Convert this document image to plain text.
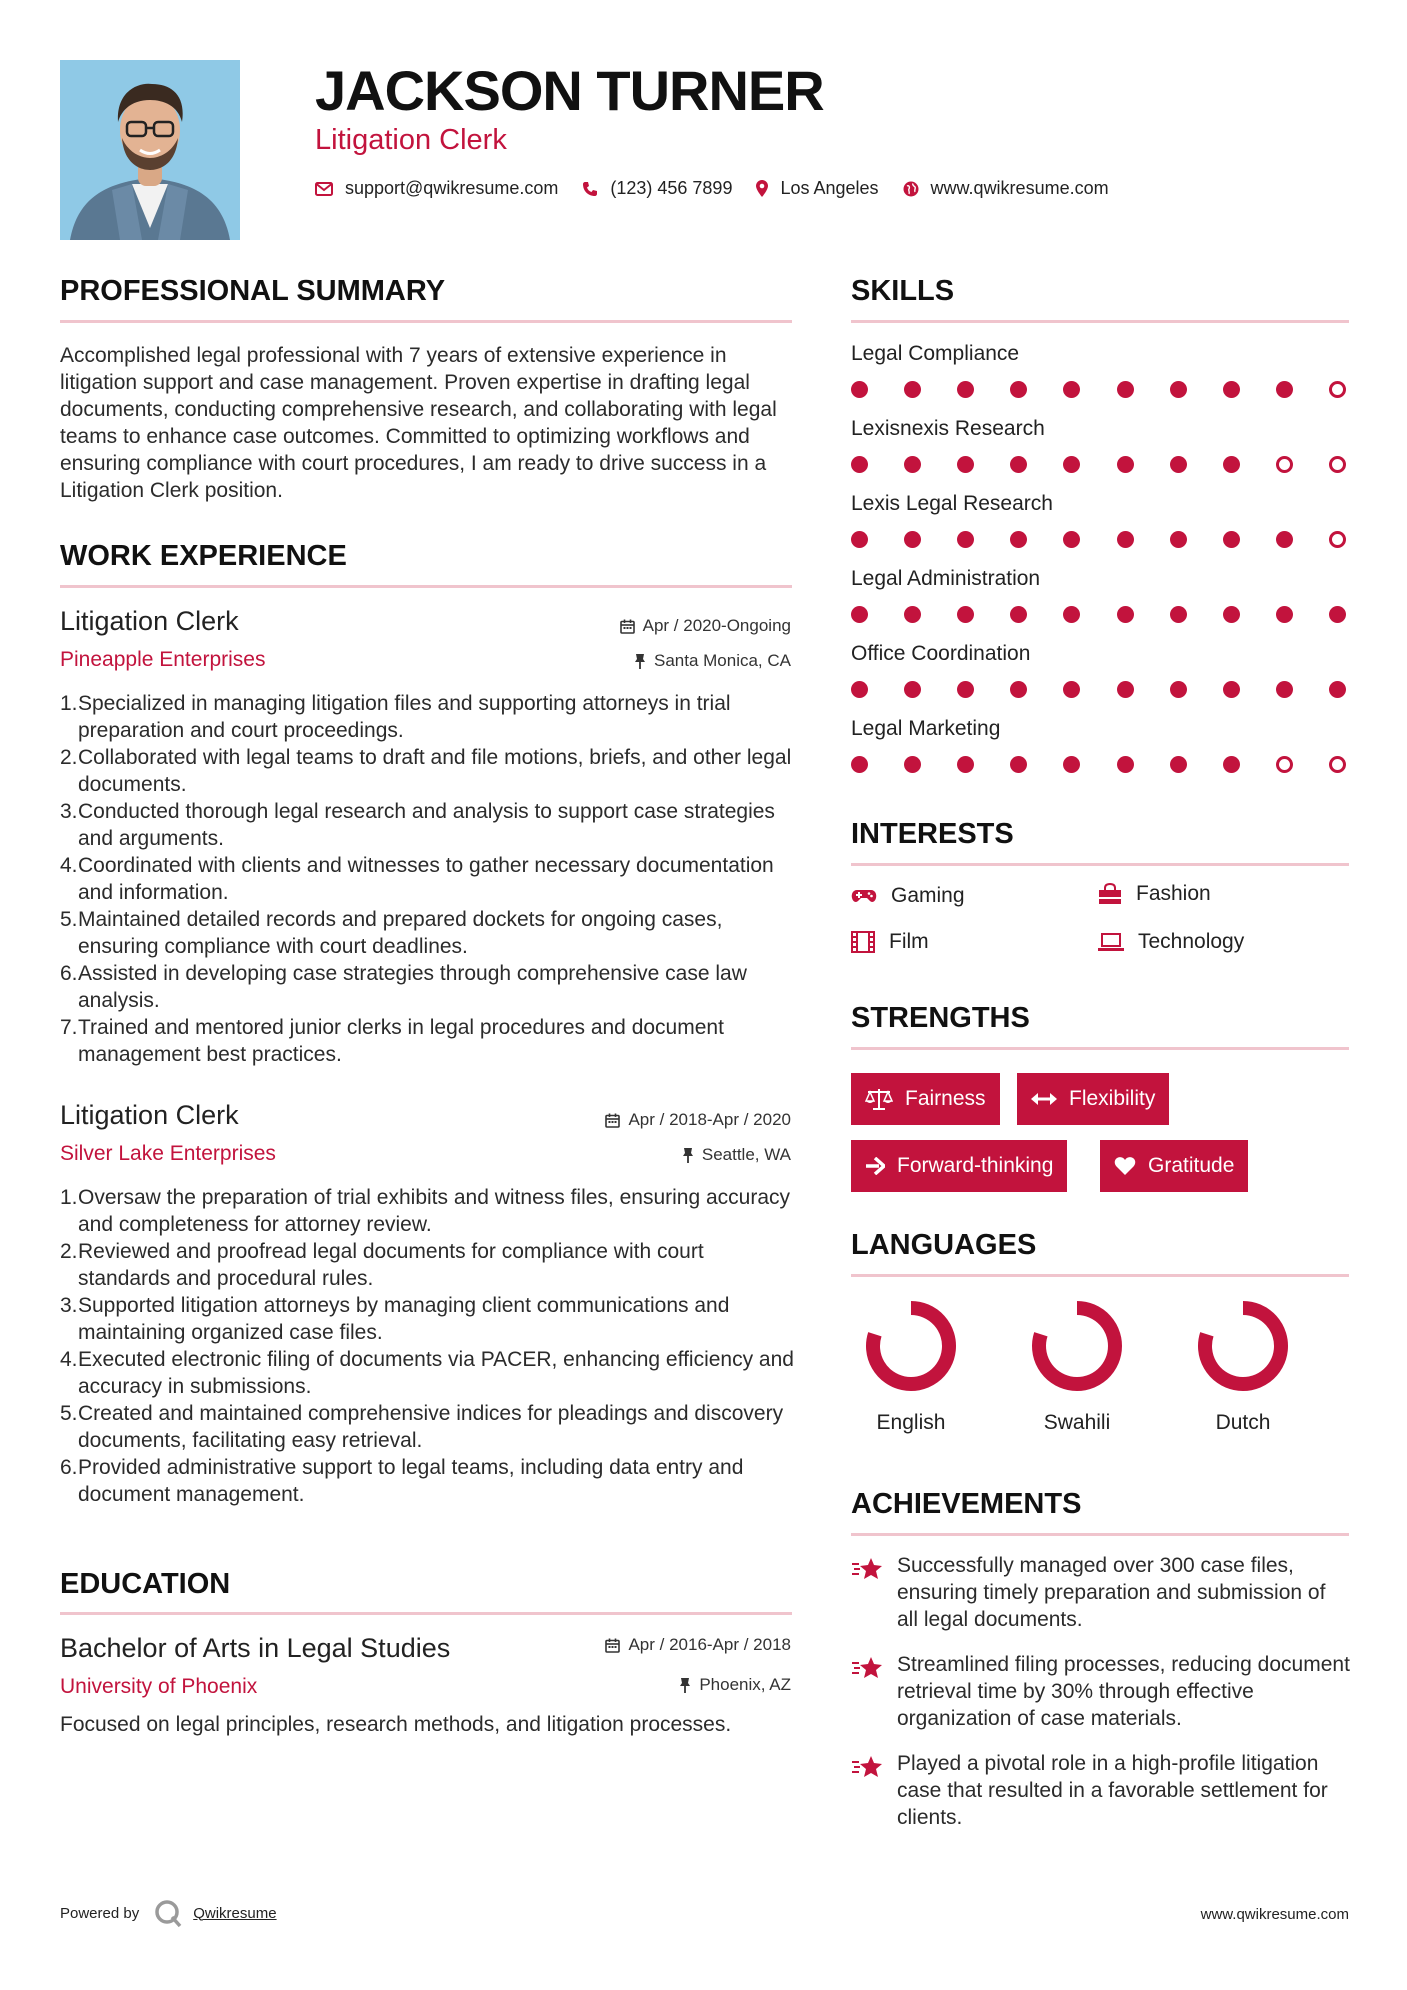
JACKSON TURNER
Litigation Clerk
support@qwikresume.com	(123) 456 7899	Los Angeles	www.qwikresume.com
PROFESSIONAL SUMMARY
Accomplished legal professional with 7 years of extensive experience in litigation support and case management. Proven expertise in drafting legal documents, conducting comprehensive research, and collaborating with legal teams to enhance case outcomes. Committed to optimizing workflows and ensuring compliance with court procedures, I am ready to drive success in a Litigation Clerk position.
WORK EXPERIENCE
Litigation Clerk	Apr / 2020-Ongoing
Pineapple Enterprises	Santa Monica, CA
1. Specialized in managing litigation files and supporting attorneys in trial preparation and court proceedings.
2. Collaborated with legal teams to draft and file motions, briefs, and other legal documents.
3. Conducted thorough legal research and analysis to support case strategies and arguments.
4. Coordinated with clients and witnesses to gather necessary documentation and information.
5. Maintained detailed records and prepared dockets for ongoing cases, ensuring compliance with court deadlines.
6. Assisted in developing case strategies through comprehensive case law analysis.
7. Trained and mentored junior clerks in legal procedures and document management best practices.
Litigation Clerk	Apr / 2018-Apr / 2020
Silver Lake Enterprises	Seattle, WA
1. Oversaw the preparation of trial exhibits and witness files, ensuring accuracy and completeness for attorney review.
2. Reviewed and proofread legal documents for compliance with court standards and procedural rules.
3. Supported litigation attorneys by managing client communications and maintaining organized case files.
4. Executed electronic filing of documents via PACER, enhancing efficiency and accuracy in submissions.
5. Created and maintained comprehensive indices for pleadings and discovery documents, facilitating easy retrieval.
6. Provided administrative support to legal teams, including data entry and document management.
EDUCATION
Bachelor of Arts in Legal Studies	Apr / 2016-Apr / 2018
University of Phoenix	Phoenix, AZ
Focused on legal principles, research methods, and litigation processes.
SKILLS
Legal Compliance
Lexisnexis Research
Lexis Legal Research
Legal Administration
Office Coordination
Legal Marketing
INTERESTS
Gaming	Fashion
Film	Technology
STRENGTHS
Fairness	Flexibility
Forward-thinking	Gratitude
LANGUAGES
English	Swahili	Dutch
ACHIEVEMENTS
Successfully managed over 300 case files, ensuring timely preparation and submission of all legal documents.
Streamlined filing processes, reducing document retrieval time by 30% through effective organization of case materials.
Played a pivotal role in a high-profile litigation case that resulted in a favorable settlement for clients.
Powered by	Qwikresume	www.qwikresume.com
